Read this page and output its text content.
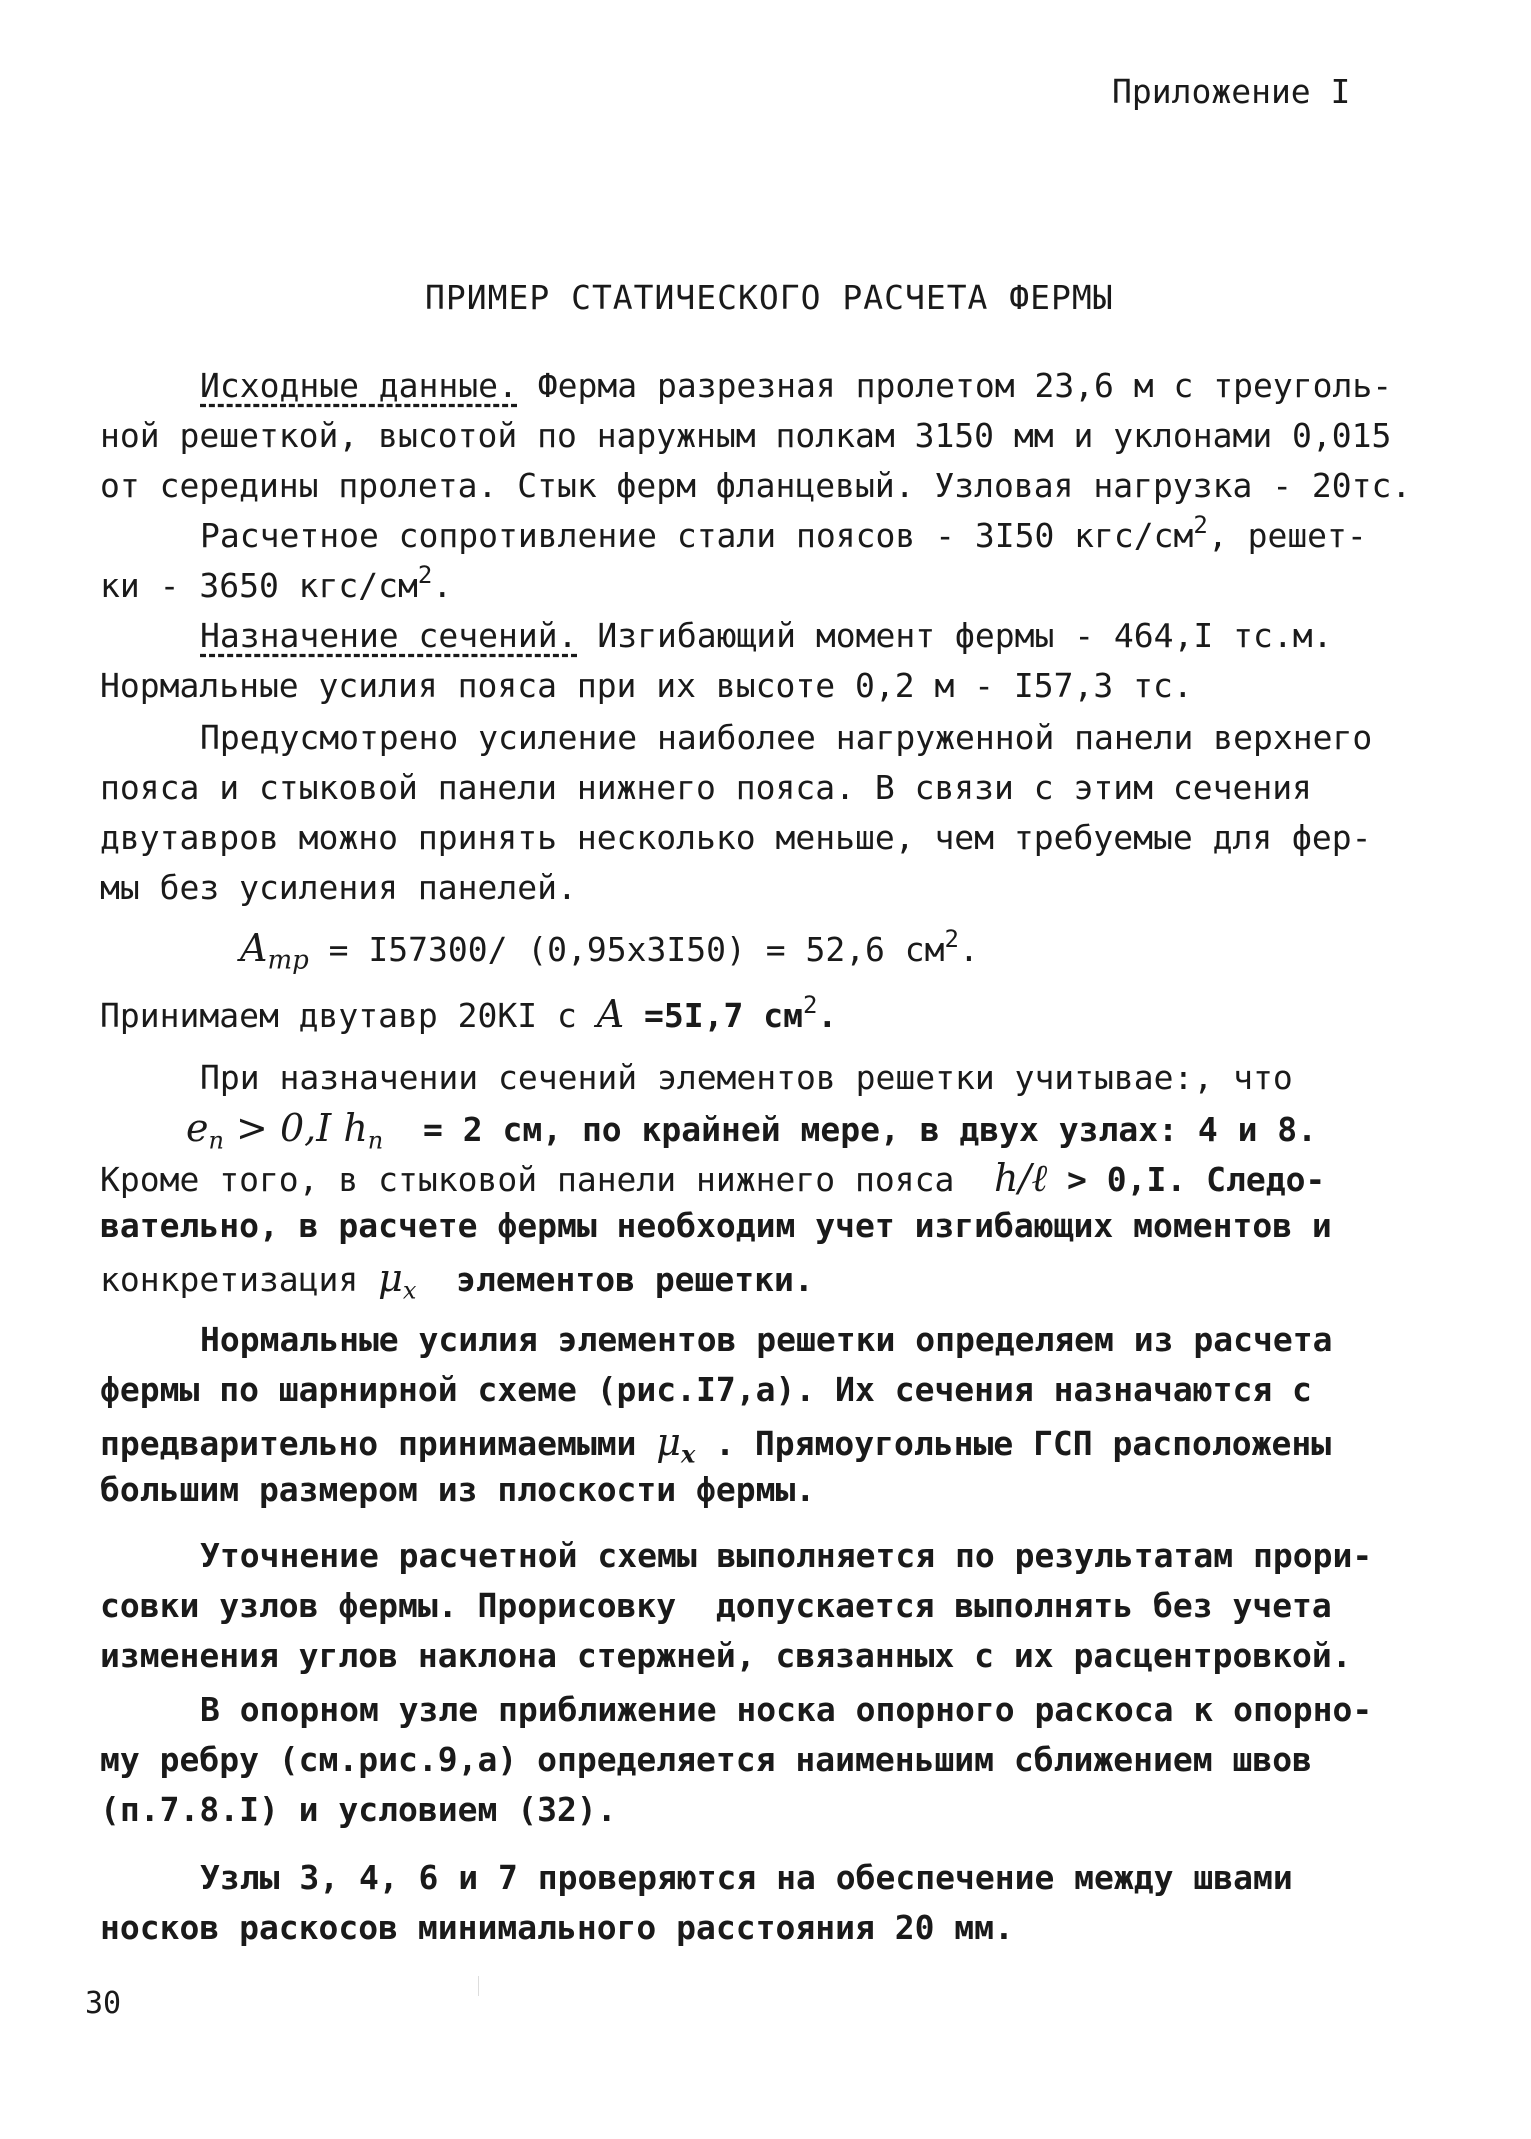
Приложение I
ПРИМЕР СТАТИЧЕСКОГО РАСЧЕТА ФЕРМЫ
Исходные данные. Ферма разрезная пролетом 23,6 м с треуголь-
ной решеткой, высотой по наружным полкам 3150 мм и уклонами 0,015
от середины пролета. Стык ферм фланцевый. Узловая нагрузка - 20тс.
Расчетное сопротивление стали поясов - 3I50 кгс/$см^2$, решет-
ки - 3650 кгс/$см^2$.
Назначение сечений. Изгибающий момент фермы - 464,I тс.м.
Нормальные усилия пояса при их высоте 0,2 м - I57,3 тс.
Предусмотрено усиление наиболее нагруженной панели верхнего
пояса и стыковой панели нижнего пояса. В связи с этим сечения
двутавров можно принять несколько меньше, чем требуемые для фер-
мы без усиления панелей.
$A_{mp} = I57300/$ (0,95x3I50) = 52,6 $см^2$.
Принимаем двутавр 20КI с A =5I,7 $см^2$.
При назначении сечений элементов решетки учитывае:, что
$e_n > 0,I$ $h_n = 2$ см, по крайней мере, в двух узлах: 4 и 8.
Кроме того, в стыковой панели нижнего пояса  h/ℓ > 0,I. Следо-
вательно, в расчете фермы необходим учет изгибающих моментов и
конкретизация $\mu_x$  элементов решетки.
Нормальные усилия элементов решетки определяем из расчета
фермы по шарнирной схеме (рис.I7,а). Их сечения назначаются с
предварительно принимаемыми $\mu_x$ . Прямоугольные ГСП расположены
большим размером из плоскости фермы.
Уточнение расчетной схемы выполняется по результатам прори-
совки узлов фермы. Прорисовку  допускается выполнять без учета
изменения углов наклона стержней, связанных с их расцентровкой.
В опорном узле приближение носка опорного раскоса к опорно-
му ребру (см.рис.9,а) определяется наименьшим сближением швов
(п.7.8.I) и условием (32).
Узлы 3, 4, 6 и 7 проверяются на обеспечение между швами
носков раскосов минимального расстояния 20 мм.
30
